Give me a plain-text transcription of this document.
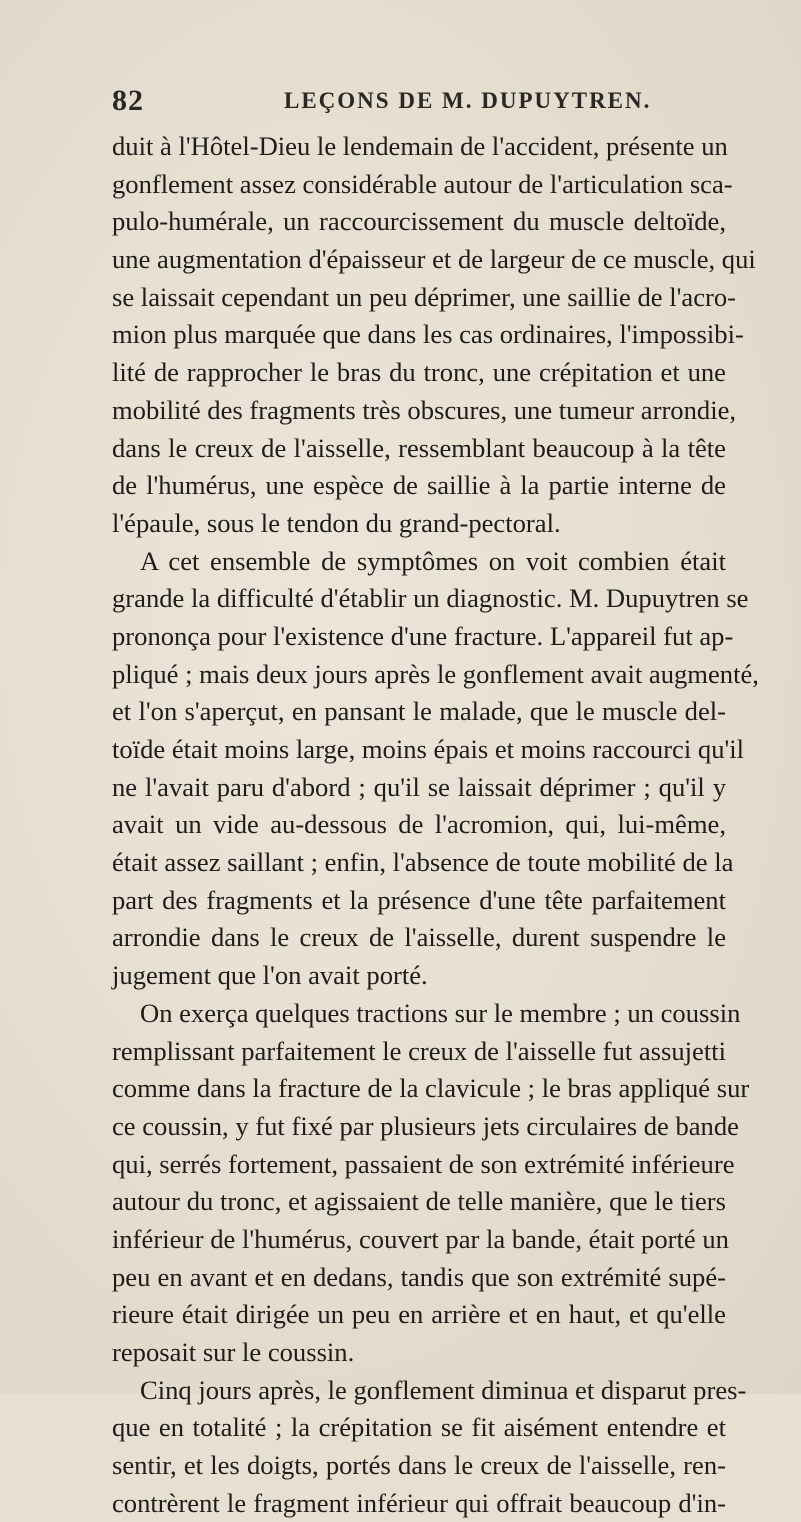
82	LEÇONS DE M. DUPUYTREN.
duit à l'Hôtel-Dieu le lendemain de l'accident, présente un
gonflement assez considérable autour de l'articulation sca-
pulo-humérale, un raccourcissement du muscle deltoïde,
une augmentation d'épaisseur et de largeur de ce muscle, qui
se laissait cependant un peu déprimer, une saillie de l'acro-
mion plus marquée que dans les cas ordinaires, l'impossibi-
lité de rapprocher le bras du tronc, une crépitation et une
mobilité des fragments très obscures, une tumeur arrondie,
dans le creux de l'aisselle, ressemblant beaucoup à la tête
de l'humérus, une espèce de saillie à la partie interne de
l'épaule, sous le tendon du grand-pectoral.
A cet ensemble de symptômes on voit combien était
grande la difficulté d'établir un diagnostic. M. Dupuytren se
prononça pour l'existence d'une fracture. L'appareil fut ap-
pliqué ; mais deux jours après le gonflement avait augmenté,
et l'on s'aperçut, en pansant le malade, que le muscle del-
toïde était moins large, moins épais et moins raccourci qu'il
ne l'avait paru d'abord ; qu'il se laissait déprimer ; qu'il y
avait un vide au-dessous de l'acromion, qui, lui-même,
était assez saillant ; enfin, l'absence de toute mobilité de la
part des fragments et la présence d'une tête parfaitement
arrondie dans le creux de l'aisselle, durent suspendre le
jugement que l'on avait porté.
On exerça quelques tractions sur le membre ; un coussin
remplissant parfaitement le creux de l'aisselle fut assujetti
comme dans la fracture de la clavicule ; le bras appliqué sur
ce coussin, y fut fixé par plusieurs jets circulaires de bande
qui, serrés fortement, passaient de son extrémité inférieure
autour du tronc, et agissaient de telle manière, que le tiers
inférieur de l'humérus, couvert par la bande, était porté un
peu en avant et en dedans, tandis que son extrémité supé-
rieure était dirigée un peu en arrière et en haut, et qu'elle
reposait sur le coussin.
Cinq jours après, le gonflement diminua et disparut pres-
que en totalité ; la crépitation se fit aisément entendre et
sentir, et les doigts, portés dans le creux de l'aisselle, ren-
contrèrent le fragment inférieur qui offrait beaucoup d'in-
